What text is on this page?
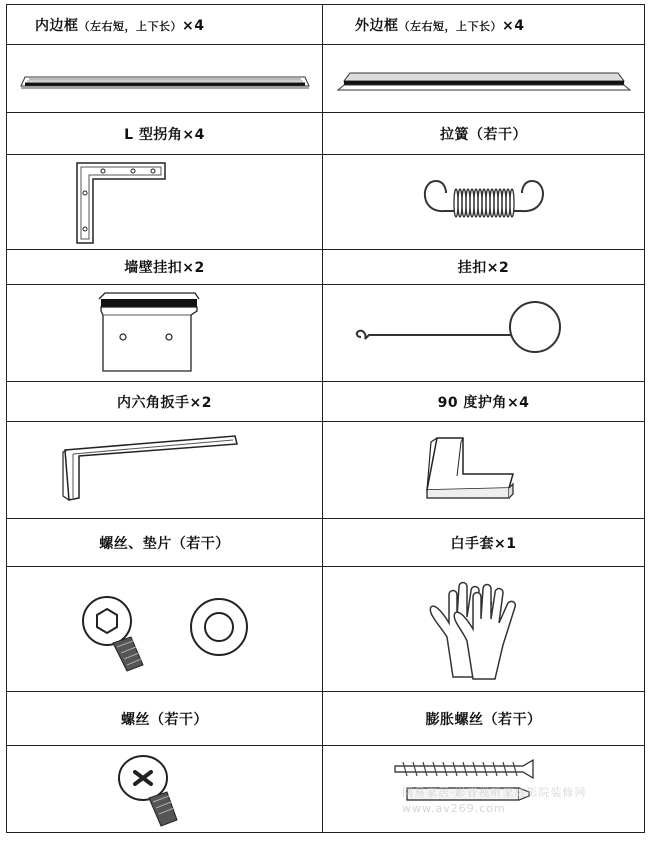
内边框（左右短，上下长）×4	外边框（左右短，上下长）×4

L 型拐角×4	拉簧（若干）

墙壁挂扣×2	挂扣×2

内六角扳手×2	90 度护角×4

螺丝、垫片（若干）	白手套×1

螺丝（若干）	膨胀螺丝（若干）

网易家居·影音视听家庭影院装修网
www.av269.com
